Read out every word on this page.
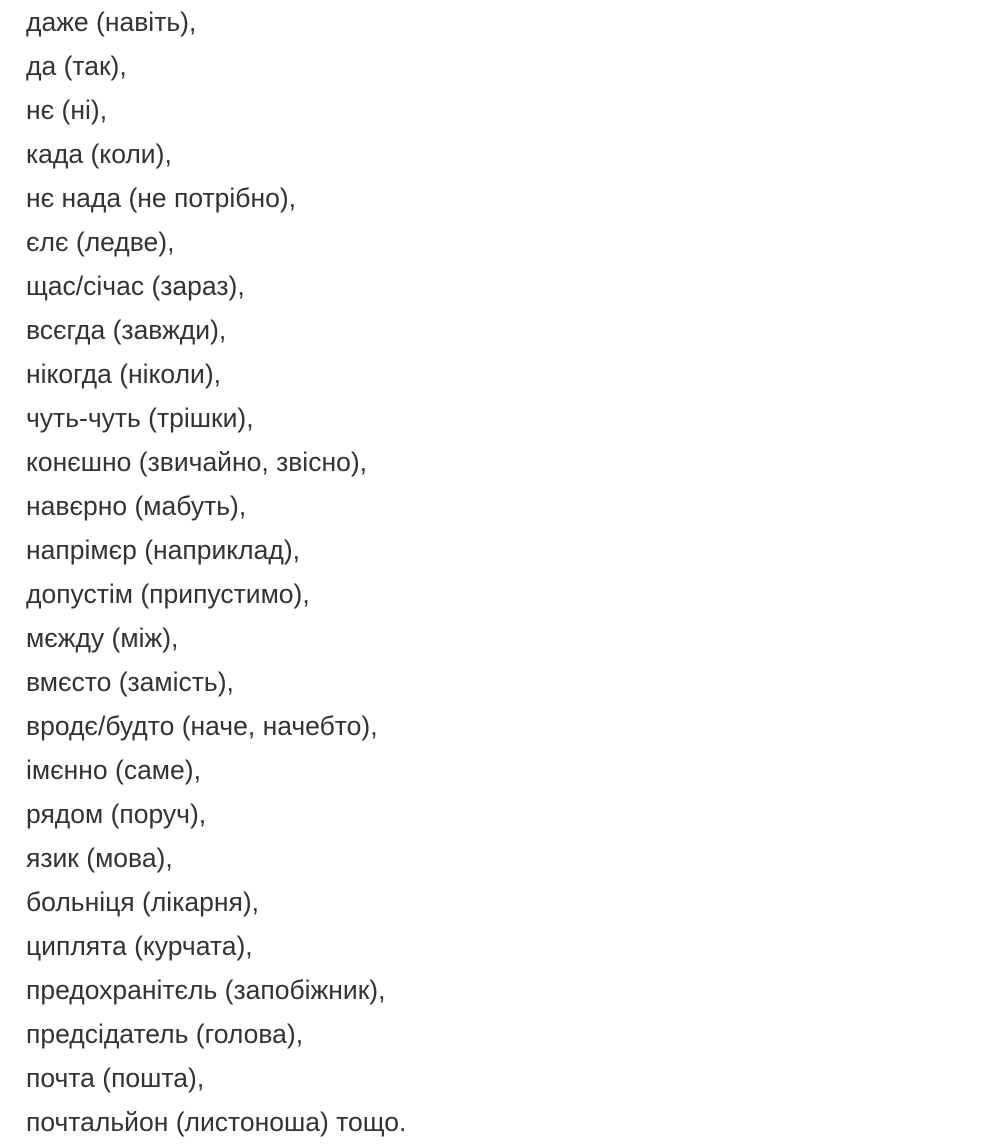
даже (навіть),

да (так),

нє (ні),

када (коли),

нє нада (не потрібно),

єлє (ледве),

щас/січас (зараз),

всєгда (завжди),

нікогда (ніколи),

чуть-чуть (трішки),

конєшно (звичайно, звісно),

навєрно (мабуть),

напрімєр (наприклад),

допустім (припустимо),

мєжду (між),

вмєсто (замість),

вродє/будто (наче, начебто),

імєнно (саме),

рядом (поруч),

язик (мова),

больніця (лікарня),

циплята (курчата),

предохранітєль (запобіжник),

предсідатель (голова),

почта (пошта),

почтальйон (листоноша) тощо.
